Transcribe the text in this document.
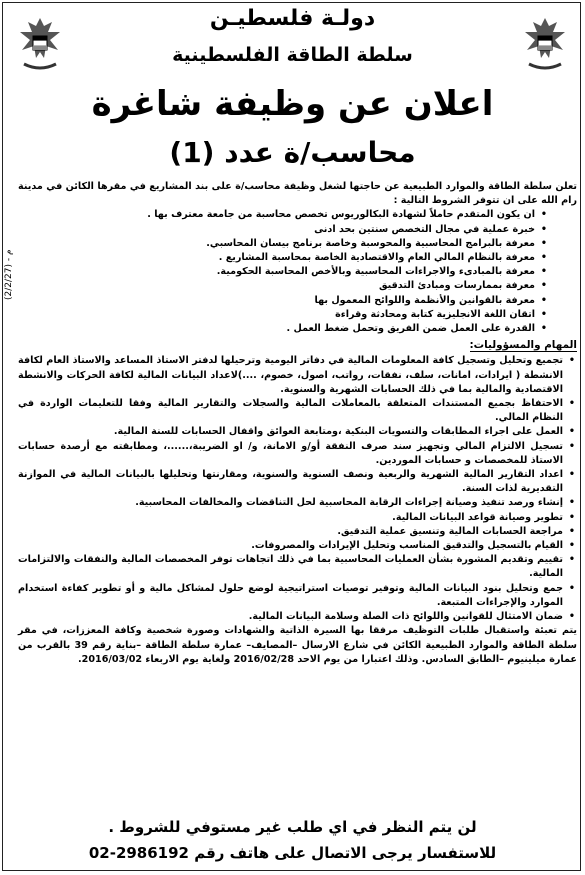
دولـة فلسطيـن
سلطة الطاقة الفلسطينية
اعلان عن وظيفة شاغرة
محاسب/ة عدد (1)
م - (2/2/27)

تعلن سلطة الطاقة والموارد الطبيعية عن حاجتها لشغل وظيفة محاسب/ة على بند المشاريع في مقرها الكائن في مدينة رام الله على ان تتوفر الشروط التالية :

• ان يكون المتقدم حاملاً لشهادة البكالوريوس تخصص محاسبة من جامعة معترف بها .
• خبرة عملية في مجال التخصص سنتين بحد ادنى
• معرفة بالبرامج المحاسبية والمحوسبة وخاصة برنامج بيسان المحاسبي.
• معرفة بالنظام المالي العام والاقتصادية الخاصة بمحاسبة المشاريع .
• معرفة بالمبادىء والاجراءات المحاسبية وبالأخص المحاسبة الحكومية.
• معرفة بممارسات ومبادئ التدقيق
• معرفة بالقوانين والأنظمة واللوائح المعمول بها
• اتقان اللغة الانجليزية كتابة ومحادثة وقراءة
• القدرة على العمل ضمن الفريق وتحمل ضغط العمل .
المهام والمسؤوليات:
• تجميع وتحليل وتسجيل كافة المعلومات المالية في دفاتر اليومية وترحيلها لدفتر الاستاذ المساعد والاستاذ العام لكافة الانشطة ( ايرادات، امانات، سلف، نفقات، رواتب، اصول، خصوم، ....)لاعداد البيانات المالية لكافة الحركات والانشطة الاقتصادية والمالية بما في ذلك الحسابات الشهرية والسنوية.
• الاحتفاظ بجميع المستندات المتعلقة بالمعاملات المالية والسجلات والتقارير المالية وفقا للتعليمات الواردة في النظام المالي.
• العمل على اجراء المطابقات والتسويات البنكية ،ومتابعة العوائق واقفال الحسابات للسنة المالية.
• تسجيل الالتزام المالي وتجهيز سند صرف النفقة أو/و الامانة، و/ او الضريبة،......، ومطابقته مع أرصدة حسابات الاستاذ للمخصصات و حسابات الموردين.
• اعداد التقارير المالية الشهرية والربعية ونصف السنوية والسنوية، ومقارنتها وتحليلها بالبيانات المالية في الموازنة التقديرية لذات السنة.
• إنشاء ورصد تنفيذ وصيانة إجراءات الرقابة المحاسبية لحل التناقضات والمخالفات المحاسبية.
• تطوير وصيانة قواعد البيانات المالية.
• مراجعة الحسابات المالية وتنسيق عملية التدقيق.
• القيام بالتسجيل والتدقيق المناسب وتحليل الإيرادات والمصروفات.
• تقييم وتقديم المشورة بشأن العمليات المحاسبية بما في ذلك اتجاهات توفر المخصصات المالية والنفقات والالتزامات المالية.
• جمع وتحليل بنود البيانات المالية وتوفير توصيات استراتيجية لوضع حلول لمشاكل مالية و أو تطوير كفاءة استخدام الموارد والإجراءات المتبعة.
• ضمان الامتثال للقوانين واللوائح ذات الصلة وسلامة البيانات المالية.

يتم تعبئة واستقبال طلبات التوظيف مرفقا بها السيرة الذاتية والشهادات وصورة شخصية وكافة المعززات، في مقر سلطة الطاقة والموارد الطبيعية الكائن في شارع الارسال –المصايف– عمارة سلطة الطاقة –بناية رقم 39 بالقرب من عمارة ميلينيوم –الطابق السادس. وذلك اعتبارا من يوم الاحد 2016/02/28 ولغاية يوم الاربعاء 2016/03/02.

لن يتم النظر في اي طلب غير مستوفي للشروط .
للاستفسار يرجى الاتصال على هاتف رقم 2986192-02
